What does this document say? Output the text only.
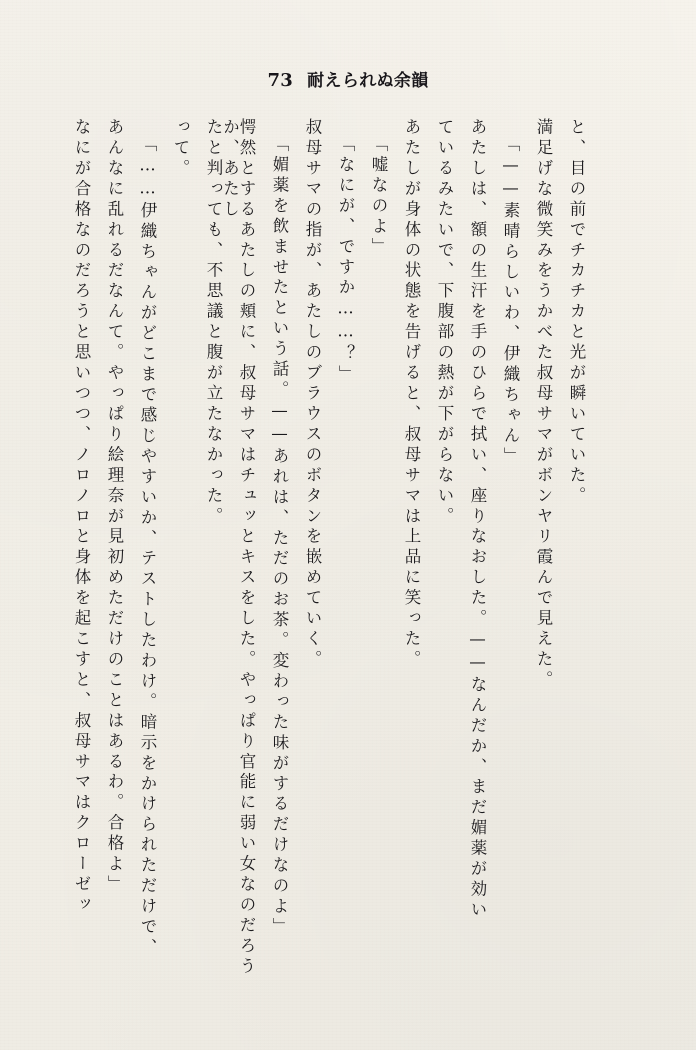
73 耐えられぬ余韻
なにが合格なのだろうと思いつつ、ノロノロと身体を起こすと、叔母サマはクローゼッ あんなに乱れるだなんて。やっぱり絵理奈が見初めただけのことはあるわ。合格よ」 「……伊織ちゃんがどこまで感じやすいか、テストしたわけ。暗示をかけられただけで、 って。 たと判っても、不思議と腹が立たなかった。 愕然とするあたしの頬に、叔母サマはチュッとキスをした。やっぱり官能に弱い女なのだろうか、あたし	「媚薬を飲ませたという話。——あれは、ただのお茶。変わった味がするだけなのよ」 叔母サマの指が、あたしのブラウスのボタンを嵌めていく。 「なにが、ですか……？」 「嘘なのよ」 あたしが身体の状態を告げると、叔母サマは上品に笑った。 ているみたいで、下腹部の熱が下がらない。 あたしは、額の生汗を手のひらで拭い、座りなおした。——なんだか、まだ媚薬が効い 「——素晴らしいわ、伊織ちゃん」 満足げな微笑みをうかべた叔母サマがボンヤリ霞んで見えた。 と、目の前でチカチカと光が瞬いていた。
